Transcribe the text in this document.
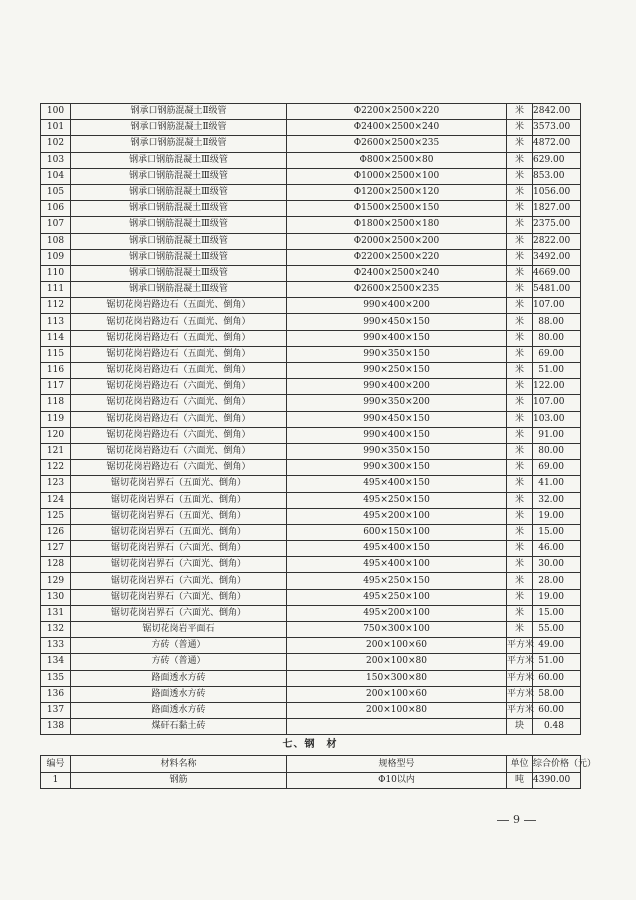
100	钢承口钢筋混凝土Ⅱ级管	Φ2200×2500×220	米	2842.00
101	钢承口钢筋混凝土Ⅱ级管	Φ2400×2500×240	米	3573.00
102	钢承口钢筋混凝土Ⅱ级管	Φ2600×2500×235	米	4872.00
103	钢承口钢筋混凝土Ⅲ级管	Φ800×2500×80	米	629.00
104	钢承口钢筋混凝土Ⅲ级管	Φ1000×2500×100	米	853.00
105	钢承口钢筋混凝土Ⅲ级管	Φ1200×2500×120	米	1056.00
106	钢承口钢筋混凝土Ⅲ级管	Φ1500×2500×150	米	1827.00
107	钢承口钢筋混凝土Ⅲ级管	Φ1800×2500×180	米	2375.00
108	钢承口钢筋混凝土Ⅲ级管	Φ2000×2500×200	米	2822.00
109	钢承口钢筋混凝土Ⅲ级管	Φ2200×2500×220	米	3492.00
110	钢承口钢筋混凝土Ⅲ级管	Φ2400×2500×240	米	4669.00
111	钢承口钢筋混凝土Ⅲ级管	Φ2600×2500×235	米	5481.00
112	锯切花岗岩路边石（五面光、倒角）	990×400×200	米	107.00
113	锯切花岗岩路边石（五面光、倒角）	990×450×150	米	88.00
114	锯切花岗岩路边石（五面光、倒角）	990×400×150	米	80.00
115	锯切花岗岩路边石（五面光、倒角）	990×350×150	米	69.00
116	锯切花岗岩路边石（五面光、倒角）	990×250×150	米	51.00
117	锯切花岗岩路边石（六面光、倒角）	990×400×200	米	122.00
118	锯切花岗岩路边石（六面光、倒角）	990×350×200	米	107.00
119	锯切花岗岩路边石（六面光、倒角）	990×450×150	米	103.00
120	锯切花岗岩路边石（六面光、倒角）	990×400×150	米	91.00
121	锯切花岗岩路边石（六面光、倒角）	990×350×150	米	80.00
122	锯切花岗岩路边石（六面光、倒角）	990×300×150	米	69.00
123	锯切花岗岩界石（五面光、倒角）	495×400×150	米	41.00
124	锯切花岗岩界石（五面光、倒角）	495×250×150	米	32.00
125	锯切花岗岩界石（五面光、倒角）	495×200×100	米	19.00
126	锯切花岗岩界石（五面光、倒角）	600×150×100	米	15.00
127	锯切花岗岩界石（六面光、倒角）	495×400×150	米	46.00
128	锯切花岗岩界石（六面光、倒角）	495×400×100	米	30.00
129	锯切花岗岩界石（六面光、倒角）	495×250×150	米	28.00
130	锯切花岗岩界石（六面光、倒角）	495×250×100	米	19.00
131	锯切花岗岩界石（六面光、倒角）	495×200×100	米	15.00
132	锯切花岗岩平面石	750×300×100	米	55.00
133	方砖（普通）	200×100×60	平方米	49.00
134	方砖（普通）	200×100×80	平方米	51.00
135	路面透水方砖	150×300×80	平方米	60.00
136	路面透水方砖	200×100×60	平方米	58.00
137	路面透水方砖	200×100×80	平方米	60.00
138	煤矸石黏土砖		块	0.48
七、钢　材
编号	材料名称	规格型号	单位	综合价格（元）
1	钢筋	Φ10以内	吨	4390.00
9
